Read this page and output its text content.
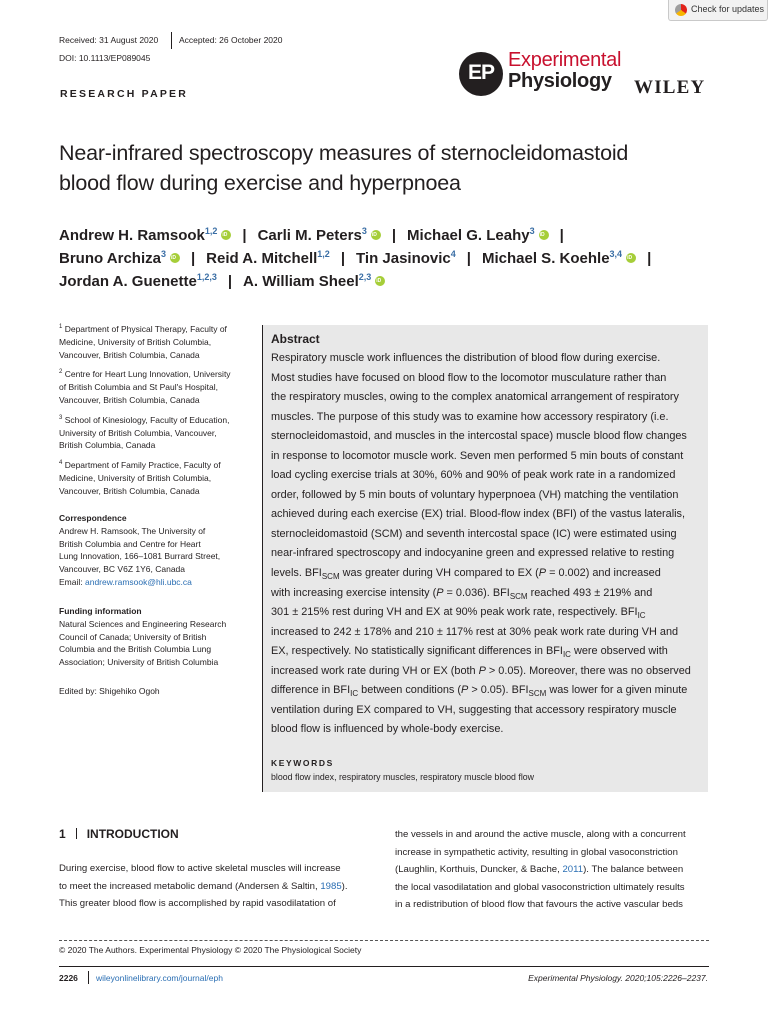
Check for updates
Received: 31 August 2020 Accepted: 26 October 2020
DOI: 10.1113/EP089045
RESEARCH PAPER
EP
Experimental
Physiology WILEY
Near-infrared spectroscopy measures of sternocleidomastoid
blood flow during exercise and hyperpnoea
Andrew H. Ramsook$^{1,2}$ iD | Carli M. Peters$^3$ iD | Michael G. Leahy$^3$ iD |
Bruno Archiza$^3$ iD | Reid A. Mitchell$^{1,2}$ | Tin Jasinovic$^4$ | Michael S. Koehle$^{3,4}$ iD |
Jordan A. Guenette$^{1,2,3}$ | A. William Sheel$^{2,3}$iD
$^1$ Department of Physical Therapy, Faculty of
Medicine, University of British Columbia,
Vancouver, British Columbia, Canada
$^2$ Centre for Heart Lung Innovation, University
of British Columbia and St Paul's Hospital,
Vancouver, British Columbia, Canada
$^3$ School of Kinesiology, Faculty of Education,
University of British Columbia, Vancouver,
British Columbia, Canada
$^4$ Department of Family Practice, Faculty of
Medicine, University of British Columbia,
Vancouver, British Columbia, Canada
Correspondence
Andrew H. Ramsook, The University of
British Columbia and Centre for Heart
Lung Innovation, 166–1081 Burrard Street,
Vancouver, BC V6Z 1Y6, Canada
Email: andrew.ramsook@hli.ubc.ca
Funding information
Natural Sciences and Engineering Research
Council of Canada; University of British
Columbia and the British Columbia Lung
Association; University of British Columbia
Edited by: Shigehiko Ogoh
Abstract
Respiratory muscle work influences the distribution of blood flow during exercise.
Most studies have focused on blood flow to the locomotor musculature rather than
the respiratory muscles, owing to the complex anatomical arrangement of respiratory
muscles. The purpose of this study was to examine how accessory respiratory (i.e.
sternocleidomastoid, and muscles in the intercostal space) muscle blood flow changes
in response to locomotor muscle work. Seven men performed 5 min bouts of constant
load cycling exercise trials at 30%, 60% and 90% of peak work rate in a randomized
order, followed by 5 min bouts of voluntary hyperpnoea (VH) matching the ventilation
achieved during each exercise (EX) trial. Blood-flow index (BFI) of the vastus lateralis,
sternocleidomastoid (SCM) and seventh intercostal space (IC) were estimated using
near-infrared spectroscopy and indocyanine green and expressed relative to resting
levels. $BFI_{SCM}$ was greater during VH compared to EX (P = 0.002) and increased
with increasing exercise intensity (P = 0.036). $BFI_{SCM}$ reached 493 ± 219% and
301 ± 215% rest during VH and EX at 90% peak work rate, respectively. $BFI_{IC}$
increased to 242 ± 178% and 210 ± 117% rest at 30% peak work rate during VH and
EX, respectively. No statistically significant differences in $BFI_{IC}$ were observed with
increased work rate during VH or EX (both P > 0.05). Moreover, there was no observed
difference in $BFI_{IC}$ between conditions (P > 0.05). $BFI_{SCM}$ was lower for a given minute
ventilation during EX compared to VH, suggesting that accessory respiratory muscle
blood flow is influenced by whole-body exercise.
KEYWORDS
blood flow index, respiratory muscles, respiratory muscle blood flow
1 INTRODUCTION
During exercise, blood flow to active skeletal muscles will increase
to meet the increased metabolic demand (Andersen & Saltin, 1985).
This greater blood flow is accomplished by rapid vasodilatation of
the vessels in and around the active muscle, along with a concurrent
increase in sympathetic activity, resulting in global vasoconstriction
(Laughlin, Korthuis, Duncker, & Bache, 2011). The balance between
the local vasodilatation and global vasoconstriction ultimately results
in a redistribution of blood flow that favours the active vascular beds
© 2020 The Authors. Experimental Physiology © 2020 The Physiological Society
2226 wileyonlinelibrary.com/journal/eph	Experimental Physiology. 2020;105:2226–2237.
